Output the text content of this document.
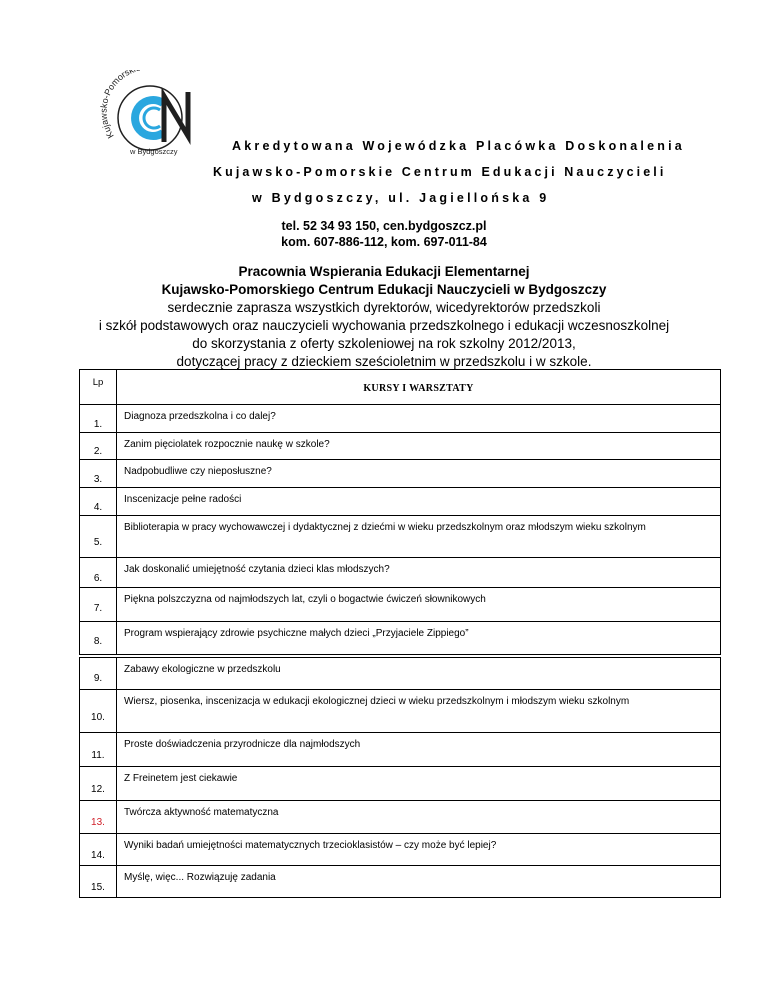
Kuja o-Pomorsk
w Bydgoszczy	Akredytowana Wojewódzka Placówka Doskonalenia
Kujawsko-Pomorskie Centrum Edukacji Nauczycieli
w Bydgoszczy, ul. Jagiellońska 9
tel. 52 34 93 150, cen.bydgoszcz.pl
kom. 607-886-112, kom. 697-011-84
Pracownia Wspierania Edukacji Elementarnej
Kujawsko-Pomorskiego Centrum Edukacji Nauczycieli w Bydgoszczy
serdecznie zaprasza wszystkich dyrektorów, wicedyrektorów przedszkoli
i szkół podstawowych oraz nauczycieli wychowania przedszkolnego i edukacji wczesnoszkolnej
do skorzystania z oferty szkoleniowej na rok szkolny 2012/2013,
dotyczącej pracy z dzieckiem sześcioletnim w przedszkolu i w szkole.
Lp	KURSY I WARSZTATY

1.	Diagnoza przedszkolna i co dalej?

2.	Zanim pięciolatek rozpocznie naukę w szkole?

3.	Nadpobudliwe czy nieposłuszne?

4.	Inscenizacje pełne radości

5.	Biblioterapia w pracy wychowawczej i dydaktycznej z dziećmi w wieku przedszkolnym oraz młodszym wieku szkolnym

6.	Jak doskonalić umiejętność czytania dzieci klas młodszych?

7.	Piękna polszczyzna od najmłodszych lat, czyli o bogactwie ćwiczeń słownikowych

8.	Program wspierający zdrowie psychiczne małych dzieci „Przyjaciele Zippiego”
9.	Zabawy ekologiczne w przedszkolu

10.	Wiersz, piosenka, inscenizacja w edukacji ekologicznej dzieci w wieku przedszkolnym i młodszym wieku szkolnym

11.	Proste doświadczenia przyrodnicze dla najmłodszych

12.	Z Freinetem jest ciekawie

13.	Twórcza aktywność matematyczna

14.	Wyniki badań umiejętności matematycznych trzecioklasistów – czy może być lepiej?

15.	Myślę, więc... Rozwiązuję zadania
